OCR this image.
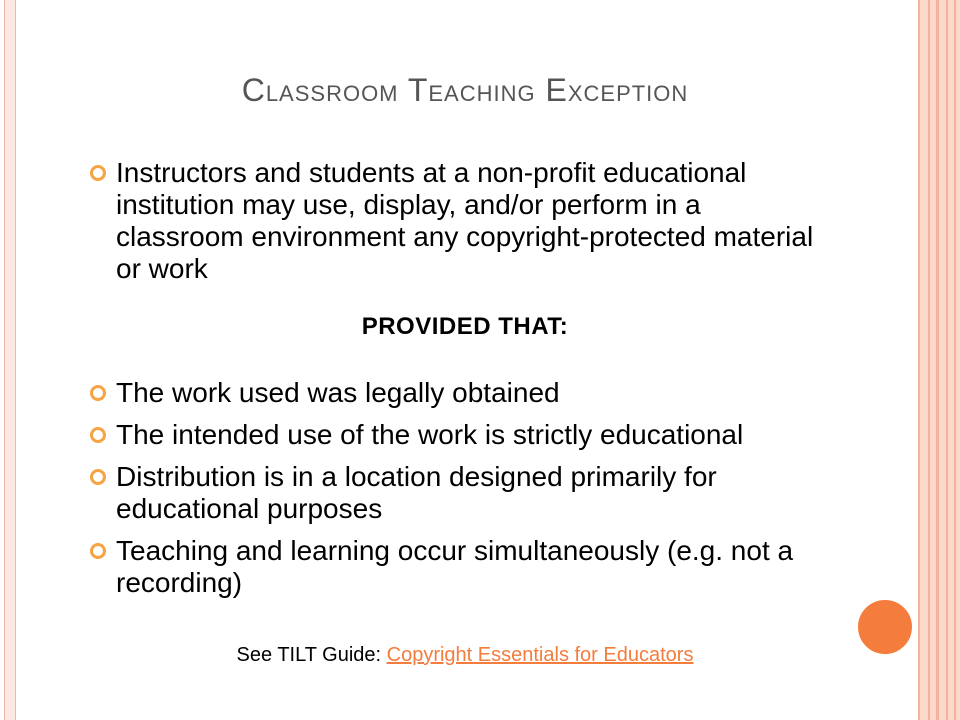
Classroom Teaching Exception
Instructors and students at a non-profit educational institution may use, display, and/or perform in a classroom environment any copyright-protected material or work
PROVIDED THAT:
The work used was legally obtained
The intended use of the work is strictly educational
Distribution is in a location designed primarily for educational purposes
Teaching and learning occur simultaneously (e.g. not a recording)
See TILT Guide: Copyright Essentials for Educators
